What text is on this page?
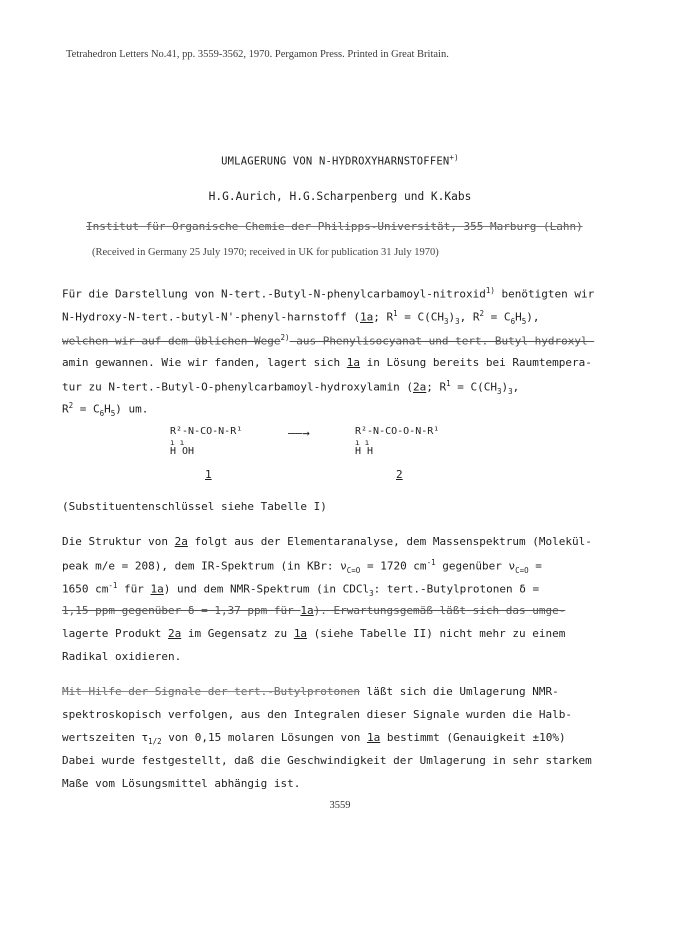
Tetrahedron Letters No.41, pp. 3559-3562, 1970. Pergamon Press. Printed in Great Britain.
UMLAGERUNG VON N-HYDROXYHARNSTOFFEN+)
H.G.Aurich, H.G.Scharpenberg und K.Kabs
Institut für Organische Chemie der Philipps-Universität, 355 Marburg (Lahn)
(Received in Germany 25 July 1970; received in UK for publication 31 July 1970)
Für die Darstellung von N-tert.-Butyl-N-phenylcarbamoyl-nitroxid$^{1)}$ benötigten wir
N-Hydroxy-N-tert.-butyl-N'-phenyl-harnstoff (1a; $R^1 = C(CH_3)_3$, $R^2 = C_6H_5$),
welchen wir auf dem üblichen Wege$^{2)}$ aus Phenylisocyanat und tert.-Butyl-hydroxyl-
amin gewannen. Wie wir fanden, lagert sich 1a in Lösung bereits bei Raumtempera-
tur zu N-tert.-Butyl-O-phenylcarbamoyl-hydroxylamin (2a; $R^1 = C(CH_3)_3$,
$R^2 = C_6H_5$) um.
R²-N-CO-N-R¹
ı ı
H OH
——→	R²-N-CO-O-N-R¹
ı ı
H H
1	2
(Substituentenschlüssel siehe Tabelle I)
Die Struktur von 2a folgt aus der Elementaranalyse, dem Massenspektrum (Molekül-
peak m/e = 208), dem IR-Spektrum (in KBr: $\nu_{C=O} = 1720$ $cm^{-1}$ gegenüber $\nu_{C=O}$ =
1650 $cm^{-1}$ für 1a) und dem NMR-Spektrum (in CDCl$_3$: tert.-Butylprotonen δ =
1,15 ppm gegenüber δ = 1,37 ppm für 1a). Erwartungsgemäß läßt sich das umge-
lagerte Produkt 2a im Gegensatz zu 1a (siehe Tabelle II) nicht mehr zu einem
Radikal oxidieren.
Mit Hilfe der Signale der tert.-Butylprotonen läßt sich die Umlagerung NMR-
spektroskopisch verfolgen, aus den Integralen dieser Signale wurden die Halb-
wertszeiten $\tau_{1/2}$ von 0,15 molaren Lösungen von 1a bestimmt (Genauigkeit ±10%)
Dabei wurde festgestellt, daß die Geschwindigkeit der Umlagerung in sehr starkem
Maße vom Lösungsmittel abhängig ist.
3559
